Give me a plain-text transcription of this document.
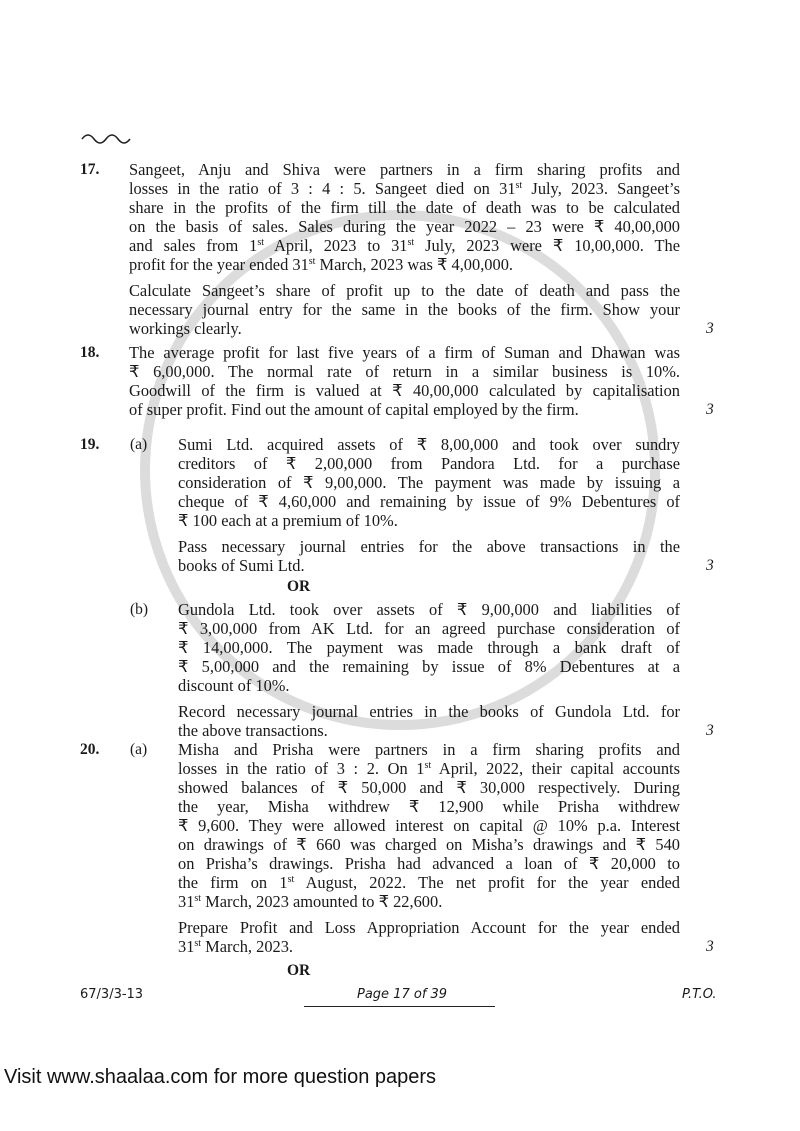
17. Sangeet, Anju and Shiva were partners in a firm sharing profits and
losses in the ratio of 3 : 4 : 5. Sangeet died on 31st July, 2023. Sangeet’s
share in the profits of the firm till the date of death was to be calculated
on the basis of sales. Sales during the year 2022 – 23 were ₹ 40,00,000
and sales from 1st April, 2023 to 31st July, 2023 were ₹ 10,00,000. The
profit for the year ended 31st March, 2023 was ₹ 4,00,000.
Calculate Sangeet’s share of profit up to the date of death and pass the
necessary journal entry for the same in the books of the firm. Show your
workings clearly.	3
18. The average profit for last five years of a firm of Suman and Dhawan was
₹ 6,00,000. The normal rate of return in a similar business is 10%.
Goodwill of the firm is valued at ₹ 40,00,000 calculated by capitalisation
of super profit. Find out the amount of capital employed by the firm.	3
19. (a) Sumi Ltd. acquired assets of ₹ 8,00,000 and took over sundry
creditors of ₹ 2,00,000 from Pandora Ltd. for a purchase
consideration of ₹ 9,00,000. The payment was made by issuing a
cheque of ₹ 4,60,000 and remaining by issue of 9% Debentures of
₹ 100 each at a premium of 10%.
Pass necessary journal entries for the above transactions in the
books of Sumi Ltd.	3
OR
(b) Gundola Ltd. took over assets of ₹ 9,00,000 and liabilities of
₹ 3,00,000 from AK Ltd. for an agreed purchase consideration of
₹ 14,00,000. The payment was made through a bank draft of
₹ 5,00,000 and the remaining by issue of 8% Debentures at a
discount of 10%.
Record necessary journal entries in the books of Gundola Ltd. for
the above transactions.	3
20. (a) Misha and Prisha were partners in a firm sharing profits and
losses in the ratio of 3 : 2. On 1st April, 2022, their capital accounts
showed balances of ₹ 50,000 and ₹ 30,000 respectively. During
the year, Misha withdrew ₹ 12,900 while Prisha withdrew
₹ 9,600. They were allowed interest on capital @ 10% p.a. Interest
on drawings of ₹ 660 was charged on Misha’s drawings and ₹ 540
on Prisha’s drawings. Prisha had advanced a loan of ₹ 20,000 to
the firm on 1st August, 2022. The net profit for the year ended
31st March, 2023 amounted to ₹ 22,600.
Prepare Profit and Loss Appropriation Account for the year ended
31st March, 2023.	3
OR
67/3/3-13	Page 17 of 39	P.T.O.
Visit www.shaalaa.com for more question papers
